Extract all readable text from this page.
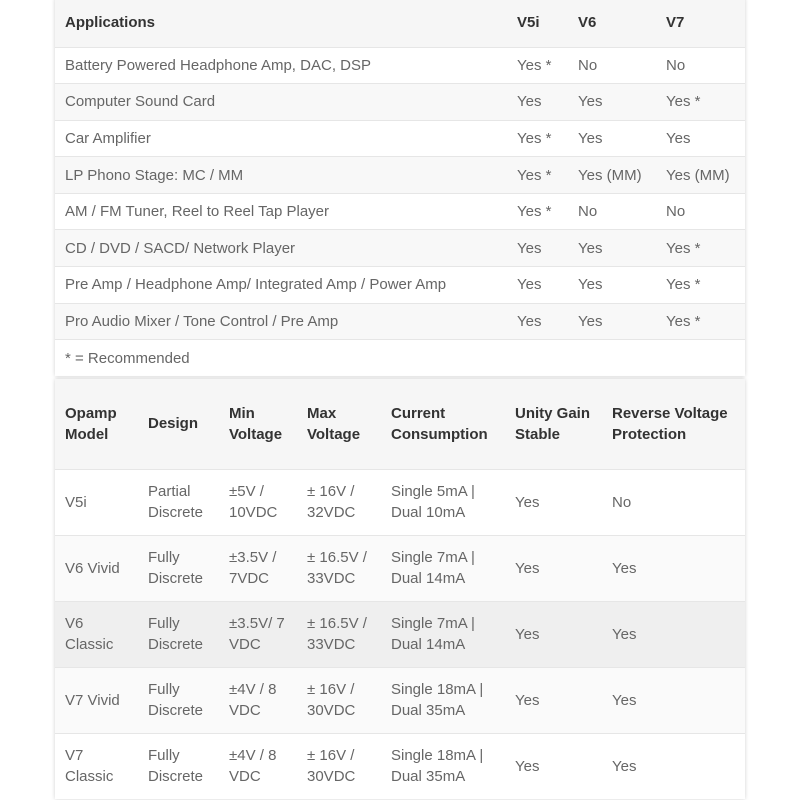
Applications	V5i	V6	V7
Battery Powered Headphone Amp, DAC, DSP	Yes *	No	No
Computer Sound Card	Yes	Yes	Yes *
Car Amplifier	Yes *	Yes	Yes
LP Phono Stage: MC / MM	Yes *	Yes (MM)	Yes (MM)
AM / FM Tuner, Reel to Reel Tap Player	Yes *	No	No
CD / DVD / SACD/ Network Player	Yes	Yes	Yes *
Pre Amp / Headphone Amp/ Integrated Amp / Power Amp	Yes	Yes	Yes *
Pro Audio Mixer / Tone Control / Pre Amp	Yes	Yes	Yes *
* = Recommended			
Opamp Model	Design	Min Voltage	Max Voltage	Current Consumption	Unity Gain Stable	Reverse Voltage Protection
V5i	Partial Discrete	±5V / 10VDC	± 16V / 32VDC	Single 5mA | Dual 10mA	Yes	No
V6 Vivid	Fully Discrete	±3.5V / 7VDC	± 16.5V / 33VDC	Single 7mA | Dual 14mA	Yes	Yes
V6 Classic	Fully Discrete	±3.5V/ 7 VDC	± 16.5V / 33VDC	Single 7mA | Dual 14mA	Yes	Yes
V7 Vivid	Fully Discrete	±4V / 8 VDC	± 16V / 30VDC	Single 18mA | Dual 35mA	Yes	Yes
V7 Classic	Fully Discrete	±4V / 8 VDC	± 16V / 30VDC	Single 18mA | Dual 35mA	Yes	Yes
